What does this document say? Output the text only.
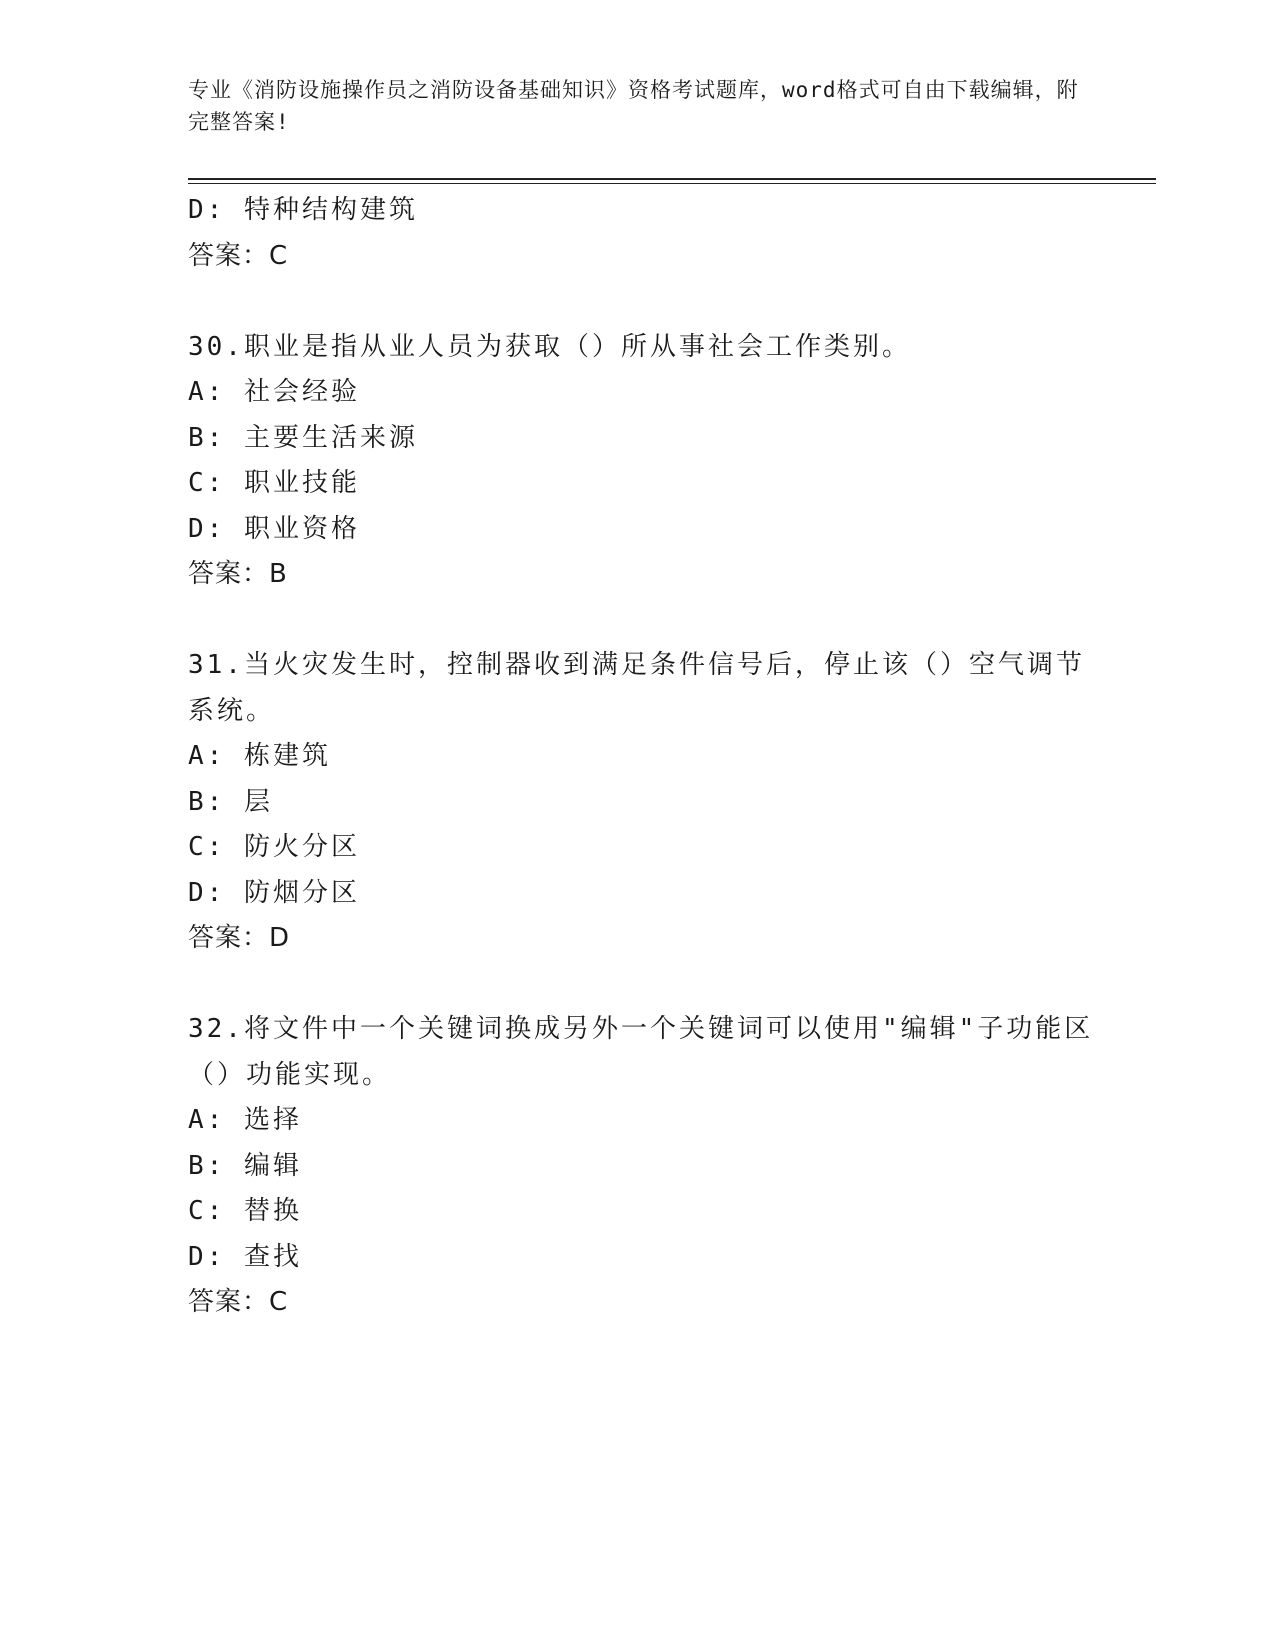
专业《消防设施操作员之消防设备基础知识》资格考试题库，word格式可自由下载编辑，附完整答案!
D: 特种结构建筑
答案：C
30.职业是指从业人员为获取（）所从事社会工作类别。
A: 社会经验
B: 主要生活来源
C: 职业技能
D: 职业资格
答案：B
31.当火灾发生时，控制器收到满足条件信号后，停止该（）空气调节系统。
A: 栋建筑
B: 层
C: 防火分区
D: 防烟分区
答案：D
32.将文件中一个关键词换成另外一个关键词可以使用"编辑"子功能区（）功能实现。
A: 选择
B: 编辑
C: 替换
D: 查找
答案：C
